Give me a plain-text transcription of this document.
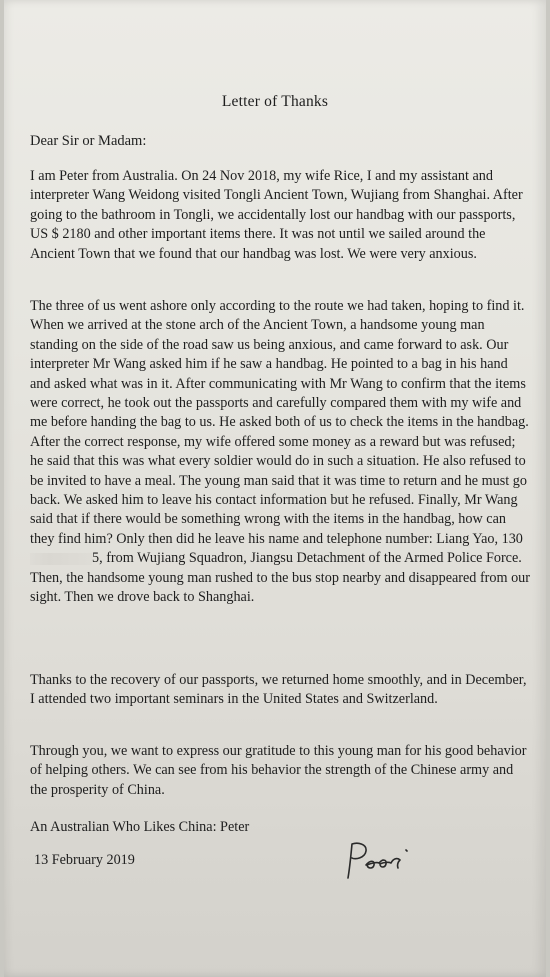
Letter of Thanks
Dear Sir or Madam:

I am Peter from Australia. On 24 Nov 2018, my wife Rice, I and my assistant and interpreter Wang Weidong visited Tongli Ancient Town, Wujiang from Shanghai. After going to the bathroom in Tongli, we accidentally lost our handbag with our passports, US $ 2180 and other important items there. It was not until we sailed around the Ancient Town that we found that our handbag was lost. We were very anxious.

The three of us went ashore only according to the route we had taken, hoping to find it. When we arrived at the stone arch of the Ancient Town, a handsome young man standing on the side of the road saw us being anxious, and came forward to ask. Our interpreter Mr Wang asked him if he saw a handbag. He pointed to a bag in his hand and asked what was in it. After communicating with Mr Wang to confirm that the items were correct, he took out the passports and carefully compared them with my wife and me before handing the bag to us. He asked both of us to check the items in the handbag. After the correct response, my wife offered some money as a reward but was refused; he said that this was what every soldier would do in such a situation. He also refused to be invited to have a meal. The young man said that it was time to return and he must go back. We asked him to leave his contact information but he refused. Finally, Mr Wang said that if there would be something wrong with the items in the handbag, how can they find him? Only then did he leave his name and telephone number: Liang Yao, 1305, from Wujiang Squadron, Jiangsu Detachment of the Armed Police Force. Then, the handsome young man rushed to the bus stop nearby and disappeared from our sight. Then we drove back to Shanghai.

Thanks to the recovery of our passports, we returned home smoothly, and in December, I attended two important seminars in the United States and Switzerland.

Through you, we want to express our gratitude to this young man for his good behavior of helping others. We can see from his behavior the strength of the Chinese army and the prosperity of China.

An Australian Who Likes China: Peter
13 February 2019
